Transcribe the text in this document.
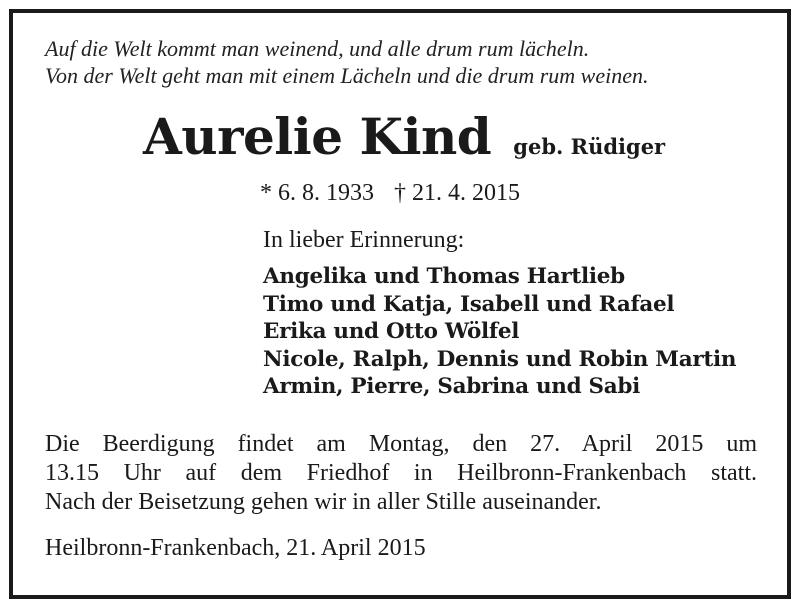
Auf die Welt kommt man weinend, und alle drum rum lächeln.
Von der Welt geht man mit einem Lächeln und die drum rum weinen.
Aurelie Kind geb. Rüdiger
* 6. 8. 1933 † 21. 4. 2015
In lieber Erinnerung:
Angelika und Thomas Hartlieb
Timo und Katja, Isabell und Rafael
Erika und Otto Wölfel
Nicole, Ralph, Dennis und Robin Martin
Armin, Pierre, Sabrina und Sabi
Die Beerdigung findet am Montag, den 27. April 2015 um
13.15 Uhr auf dem Friedhof in Heilbronn-Frankenbach statt.
Nach der Beisetzung gehen wir in aller Stille auseinander.
Heilbronn-Frankenbach, 21. April 2015
